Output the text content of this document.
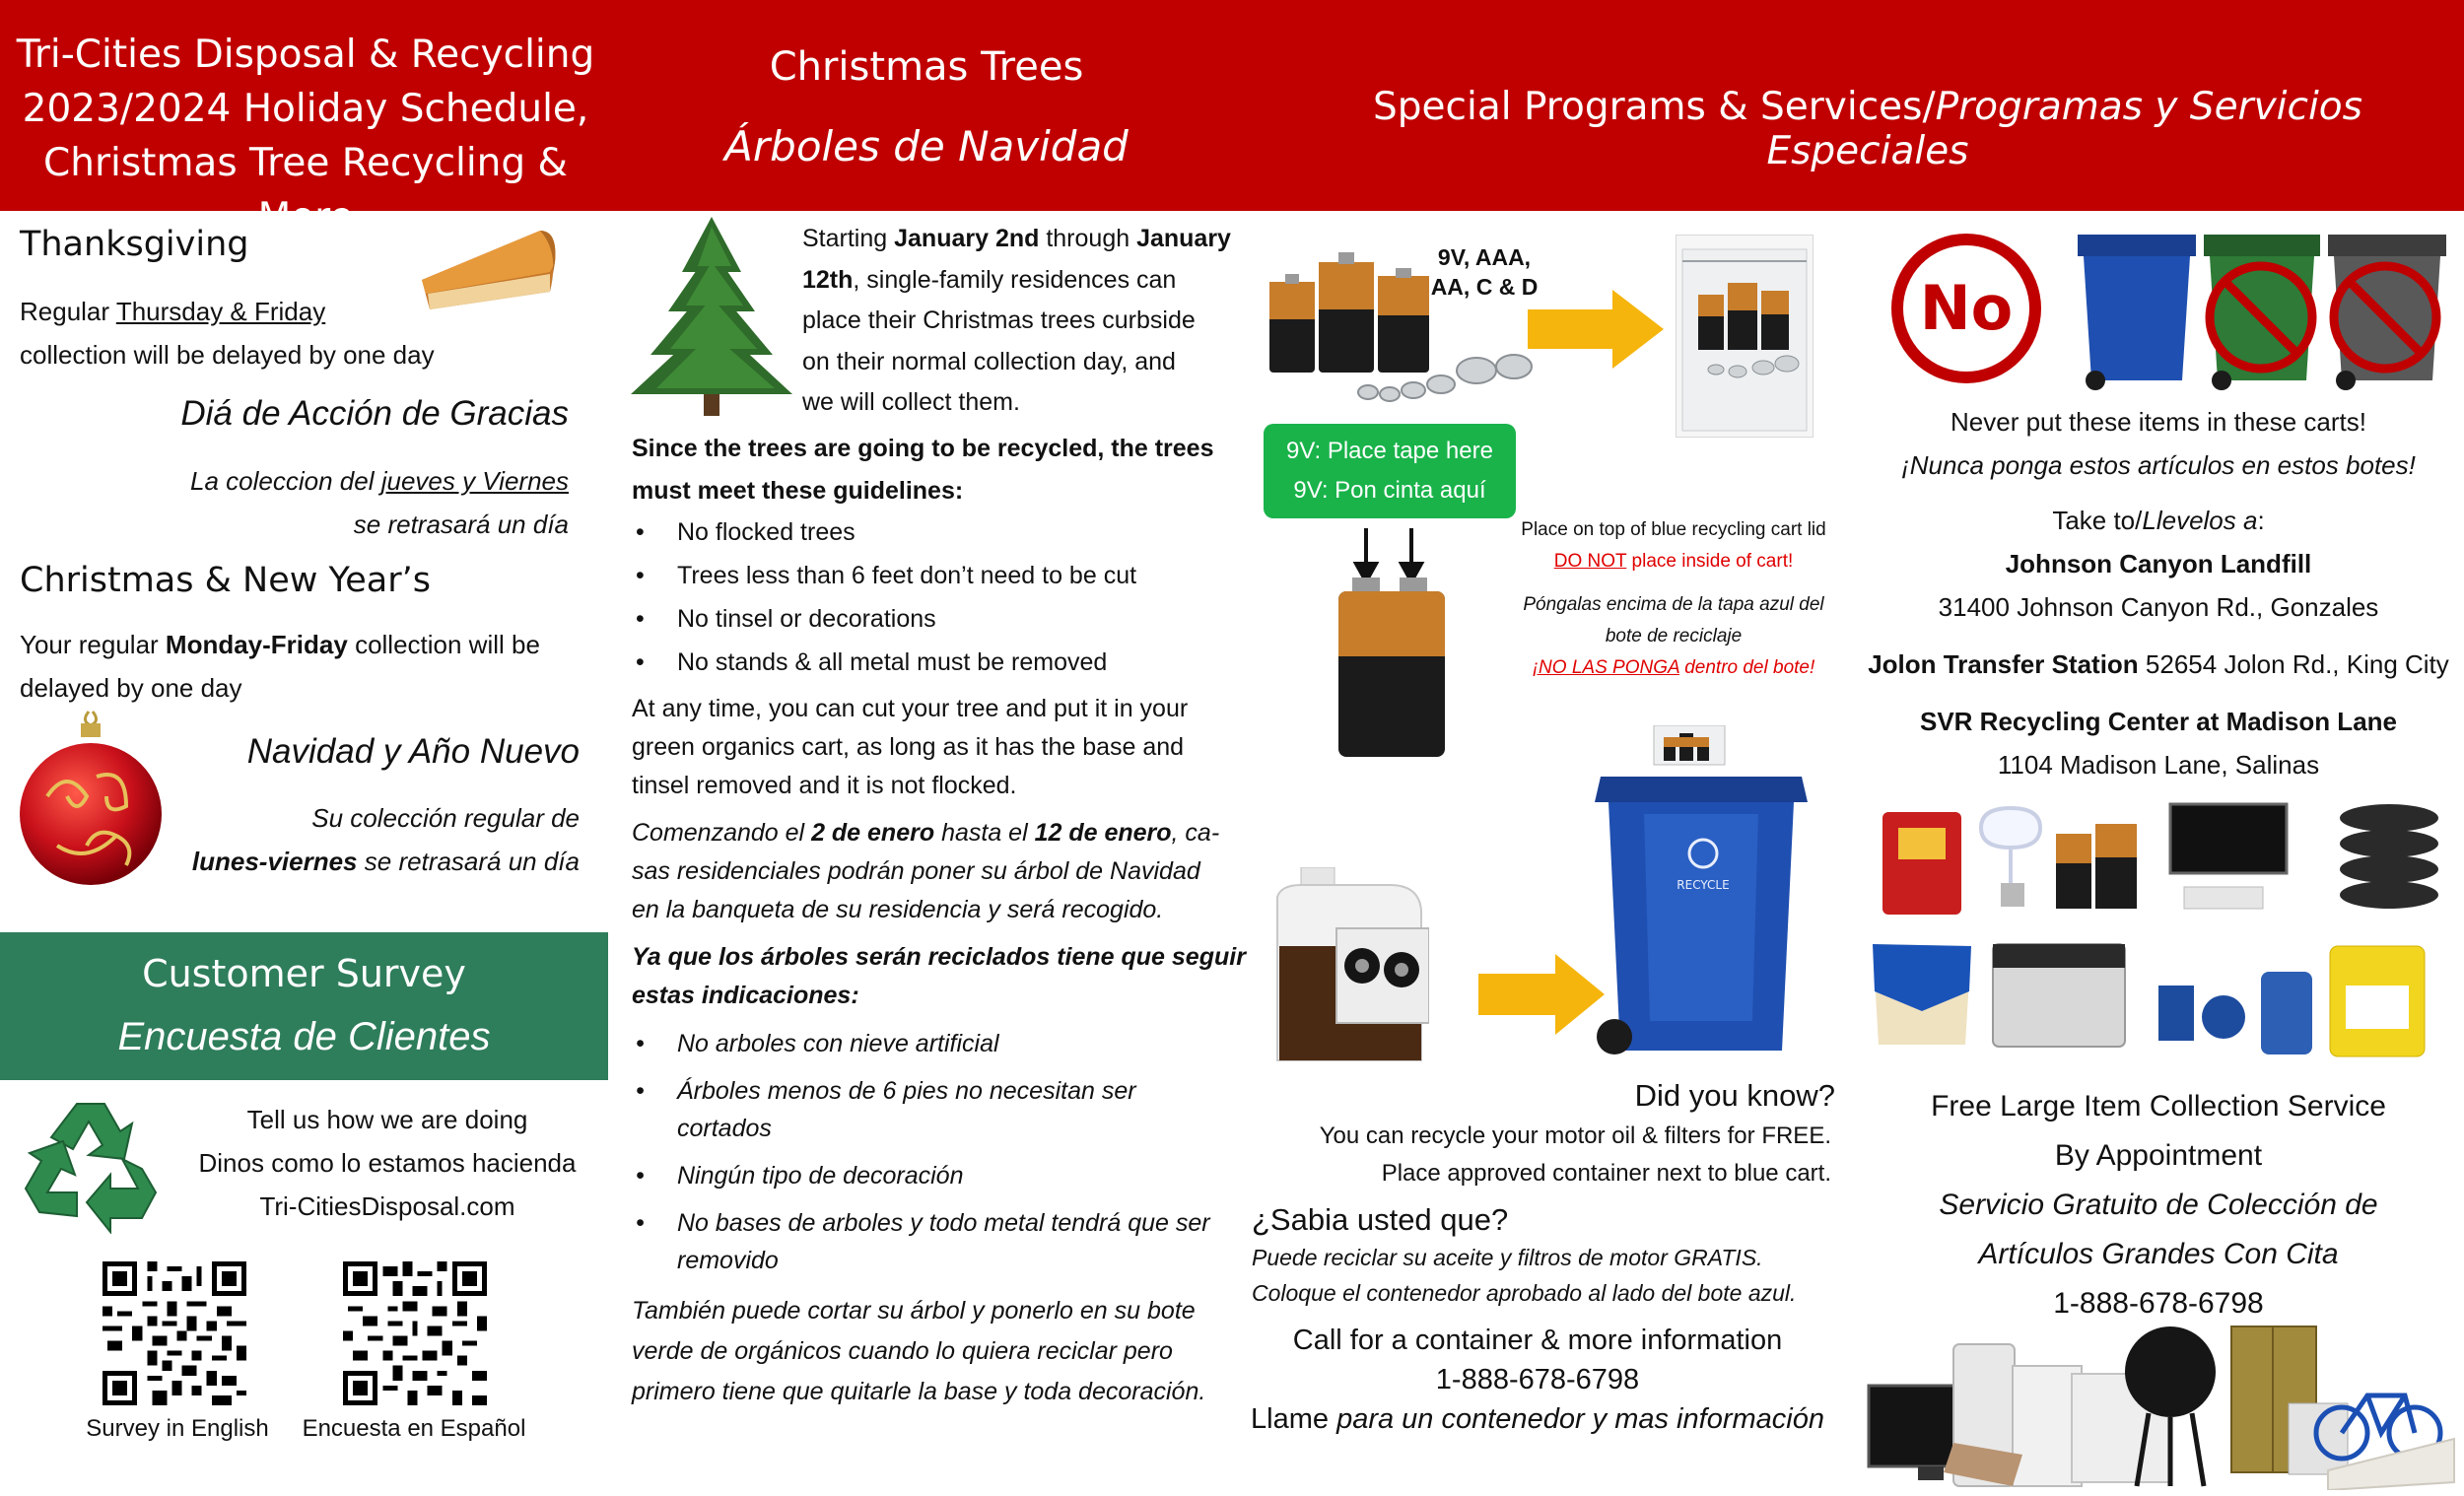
Tri-Cities Disposal & Recycling
2023/2024 Holiday Schedule,
Christmas Tree Recycling & More
Christmas Trees
Árboles de Navidad
Special Programs & Services/Programas y Servicios Especiales
Thanksgiving
Regular Thursday & Friday
collection will be delayed by one day
Diá de Acción de Gracias
La coleccion del jueves y Viernes
se retrasará un día
Christmas & New Year’s
Your regular Monday-Friday collection will be
delayed by one day
Navidad y Año Nuevo
Su colección regular de
lunes-viernes se retrasará un día
Customer Survey
Encuesta de Clientes
Tell us how we are doing
Dinos como lo estamos hacienda
Tri-CitiesDisposal.com
Survey in English	Encuesta en Español
Starting January 2nd through January
12th, single-family residences can
place their Christmas trees curbside
on their normal collection day, and
we will collect them.
Since the trees are going to be recycled, the trees
must meet these guidelines:
• No flocked trees
• Trees less than 6 feet don’t need to be cut
• No tinsel or decorations
• No stands & all metal must be removed
At any time, you can cut your tree and put it in your
green organics cart, as long as it has the base and
tinsel removed and it is not flocked.
Comenzando el 2 de enero hasta el 12 de enero, ca-
sas residenciales podrán poner su árbol de Navidad
en la banqueta de su residencia y será recogido.
Ya que los árboles serán reciclados tiene que seguir
estas indicaciones:
• No arboles con nieve artificial
• Árboles menos de 6 pies no necesitan ser
cortados
• Ningún tipo de decoración
• No bases de arboles y todo metal tendrá que ser
removido
También puede cortar su árbol y ponerlo en su bote
verde de orgánicos cuando lo quiera reciclar pero
primero tiene que quitarle la base y toda decoración.
9V, AAA,
AA, C & D
9V: Place tape here
9V: Pon cinta aquí
Place on top of blue recycling cart lid
DO NOT place inside of cart!
Póngalas encima de la tapa azul del
bote de reciclaje
¡NO LAS PONGA dentro del bote!
RECYCLE
Did you know?
You can recycle your motor oil & filters for FREE.
Place approved container next to blue cart.
¿Sabia usted que?
Puede reciclar su aceite y filtros de motor GRATIS.
Coloque el contenedor aprobado al lado del bote azul.
Call for a container & more information
1-888-678-6798
Llame para un contenedor y mas información
No
Never put these items in these carts!
¡Nunca ponga estos artículos en estos botes!
Take to/Llevelos a:
Johnson Canyon Landfill
31400 Johnson Canyon Rd., Gonzales
Jolon Transfer Station 52654 Jolon Rd., King City
SVR Recycling Center at Madison Lane
1104 Madison Lane, Salinas
Free Large Item Collection Service
By Appointment
Servicio Gratuito de Colección de
Artículos Grandes Con Cita
1-888-678-6798
